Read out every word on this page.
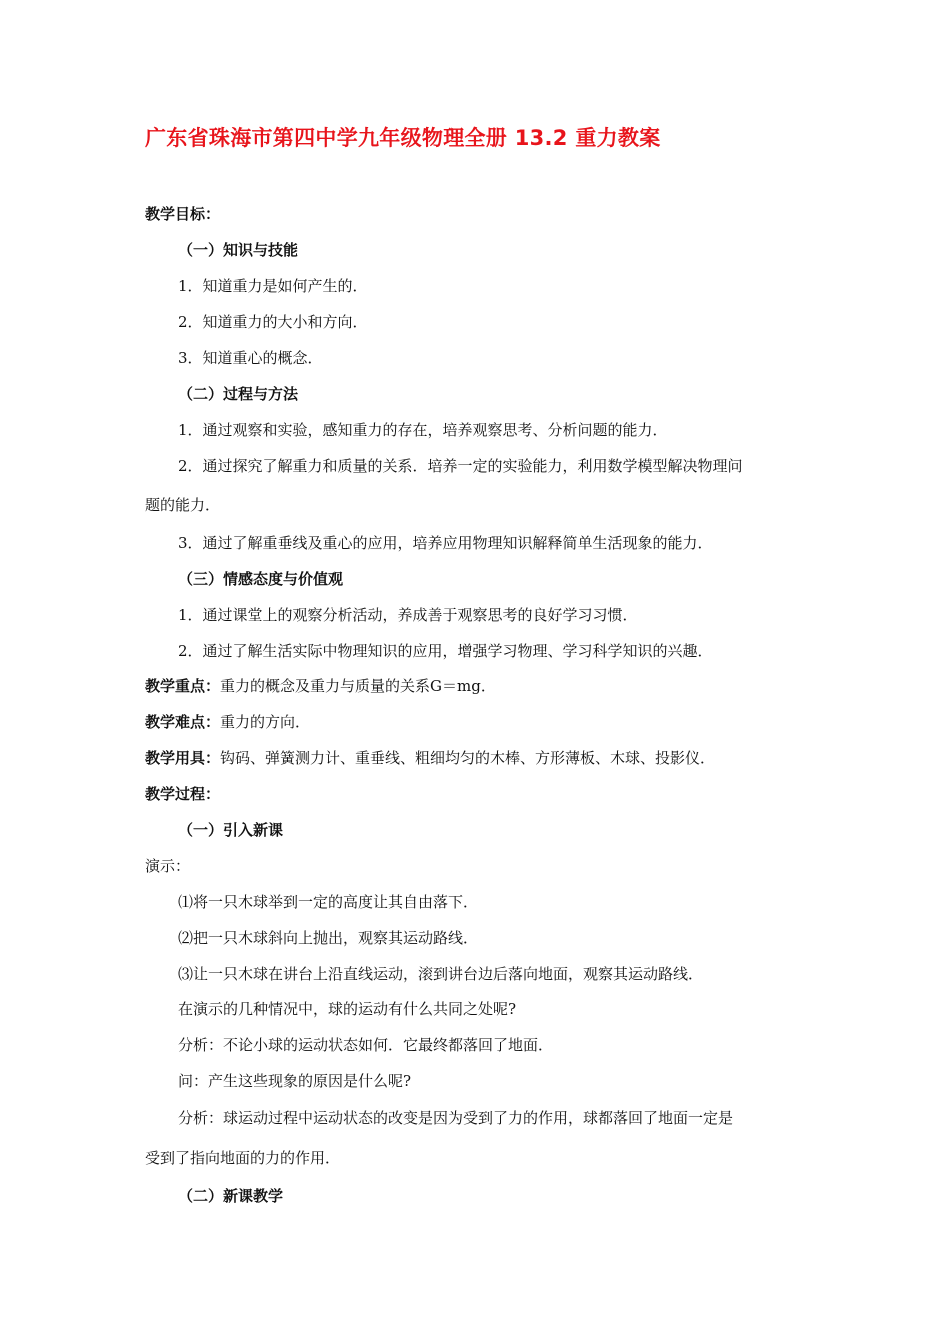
广东省珠海市第四中学九年级物理全册 13.2 重力教案
教学目标：
（一）知识与技能
1．知道重力是如何产生的．
2．知道重力的大小和方向．
3．知道重心的概念．
（二）过程与方法
1．通过观察和实验，感知重力的存在，培养观察思考、分析问题的能力．
2．通过探究了解重力和质量的关系．培养一定的实验能力，利用数学模型解决物理问
题的能力．
3．通过了解重垂线及重心的应用，培养应用物理知识解释简单生活现象的能力．
（三）情感态度与价值观
1．通过课堂上的观察分析活动，养成善于观察思考的良好学习习惯．
2．通过了解生活实际中物理知识的应用，增强学习物理、学习科学知识的兴趣．
教学重点：重力的概念及重力与质量的关系G＝mg．
教学难点：重力的方向．
教学用具：钩码、弹簧测力计、重垂线、粗细均匀的木棒、方形薄板、木球、投影仪．
教学过程：
（一）引入新课
演示：
⑴将一只木球举到一定的高度让其自由落下．
⑵把一只木球斜向上抛出，观察其运动路线．
⑶让一只木球在讲台上沿直线运动，滚到讲台边后落向地面，观察其运动路线．
在演示的几种情况中，球的运动有什么共同之处呢?
分析：不论小球的运动状态如何．它最终都落回了地面．
问：产生这些现象的原因是什么呢?
分析：球运动过程中运动状态的改变是因为受到了力的作用，球都落回了地面一定是
受到了指向地面的力的作用．
（二）新课教学
